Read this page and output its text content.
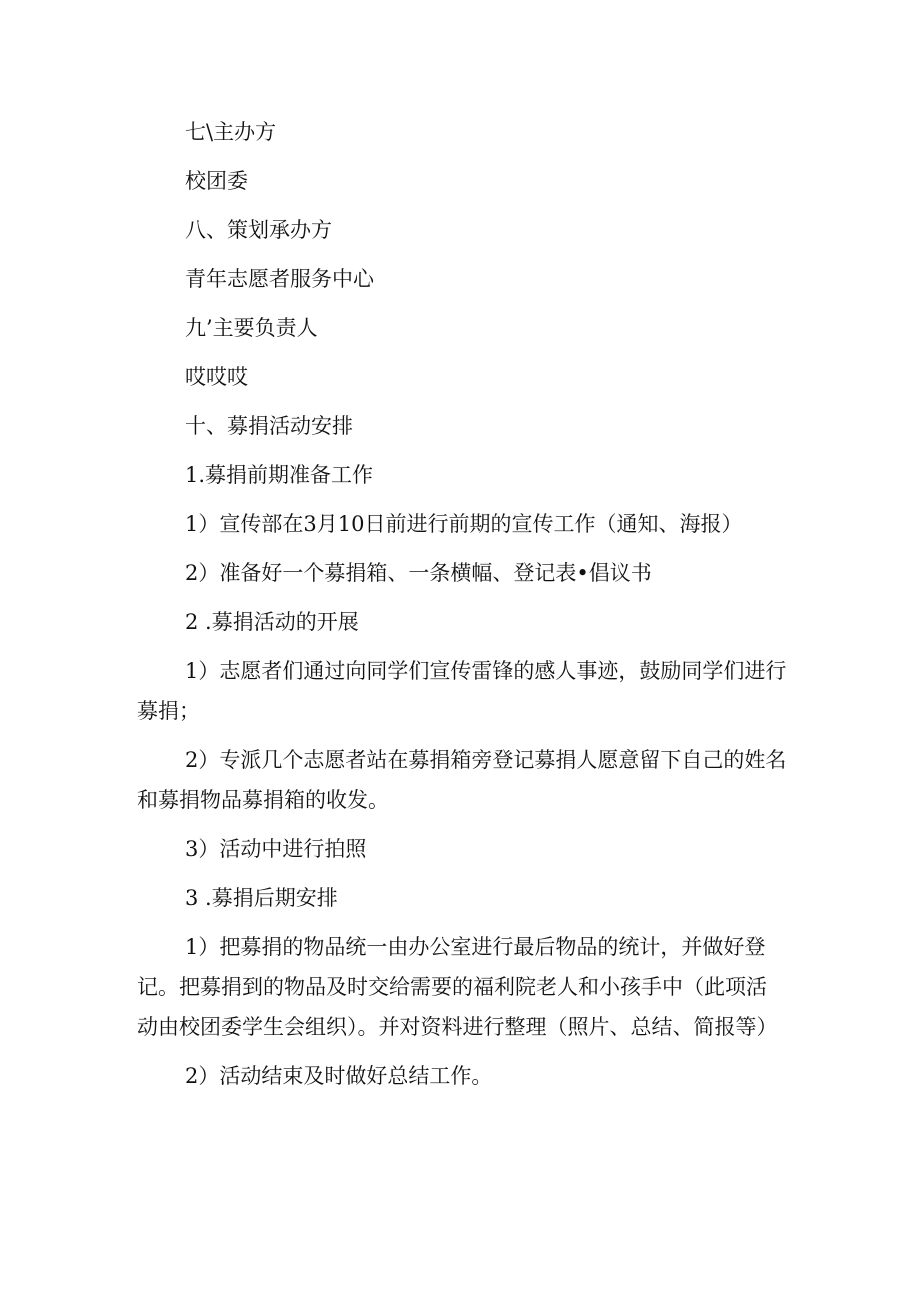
七\主办方
校团委
八、策划承办方
青年志愿者服务中心
九’主要负责人
哎哎哎
十、募捐活动安排
1.募捐前期准备工作
1）宣传部在3月10日前进行前期的宣传工作（通知、海报）
2）准备好一个募捐箱、一条横幅、登记表•倡议书
2 .募捐活动的开展
1）志愿者们通过向同学们宣传雷锋的感人事迹，鼓励同学们进行募捐；
2）专派几个志愿者站在募捐箱旁登记募捐人愿意留下自己的姓名和募捐物品募捐箱的收发。
3）活动中进行拍照
3 .募捐后期安排
1）把募捐的物品统一由办公室进行最后物品的统计，并做好登记。把募捐到的物品及时交给需要的福利院老人和小孩手中（此项活动由校团委学生会组织）。并对资料进行整理（照片、总结、简报等）
2）活动结束及时做好总结工作。
